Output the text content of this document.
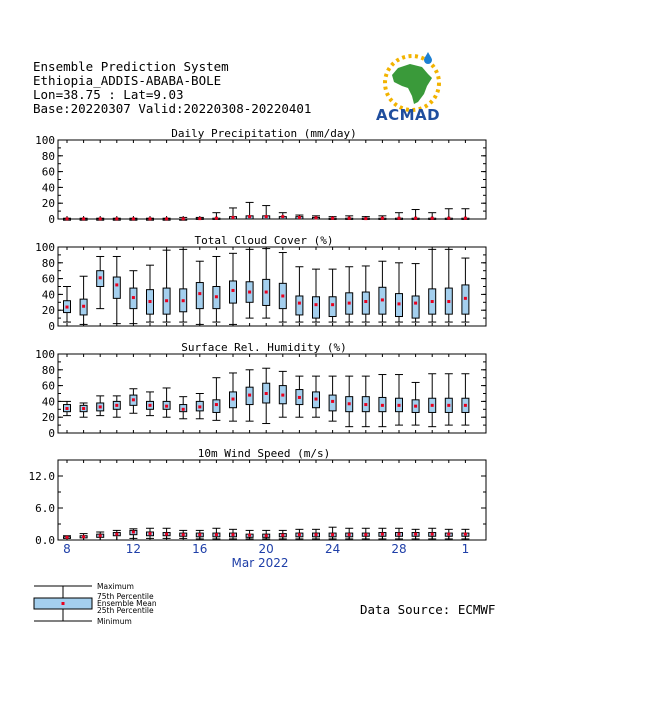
Ensemble Prediction System
Ethiopia_ADDIS-ABABA-BOLE
Lon=38.75 : Lat=9.03
Base:20220307 Valid:20220308-20220401	ACMAD
Daily Precipitation (mm/day)
0
20
40
60
80
100
Total Cloud Cover (%)
0
20
40
60
80
100
Surface Rel. Humidity (%)
0
20
40
60
80
100
10m Wind Speed (m/s)
0.0
6.0
12.0
8	12	16	20	24	28	1
Mar 2022
Maximum
75th Percentile
Ensemble Mean
25th Percentile
Minimum
Data Source: ECMWF
